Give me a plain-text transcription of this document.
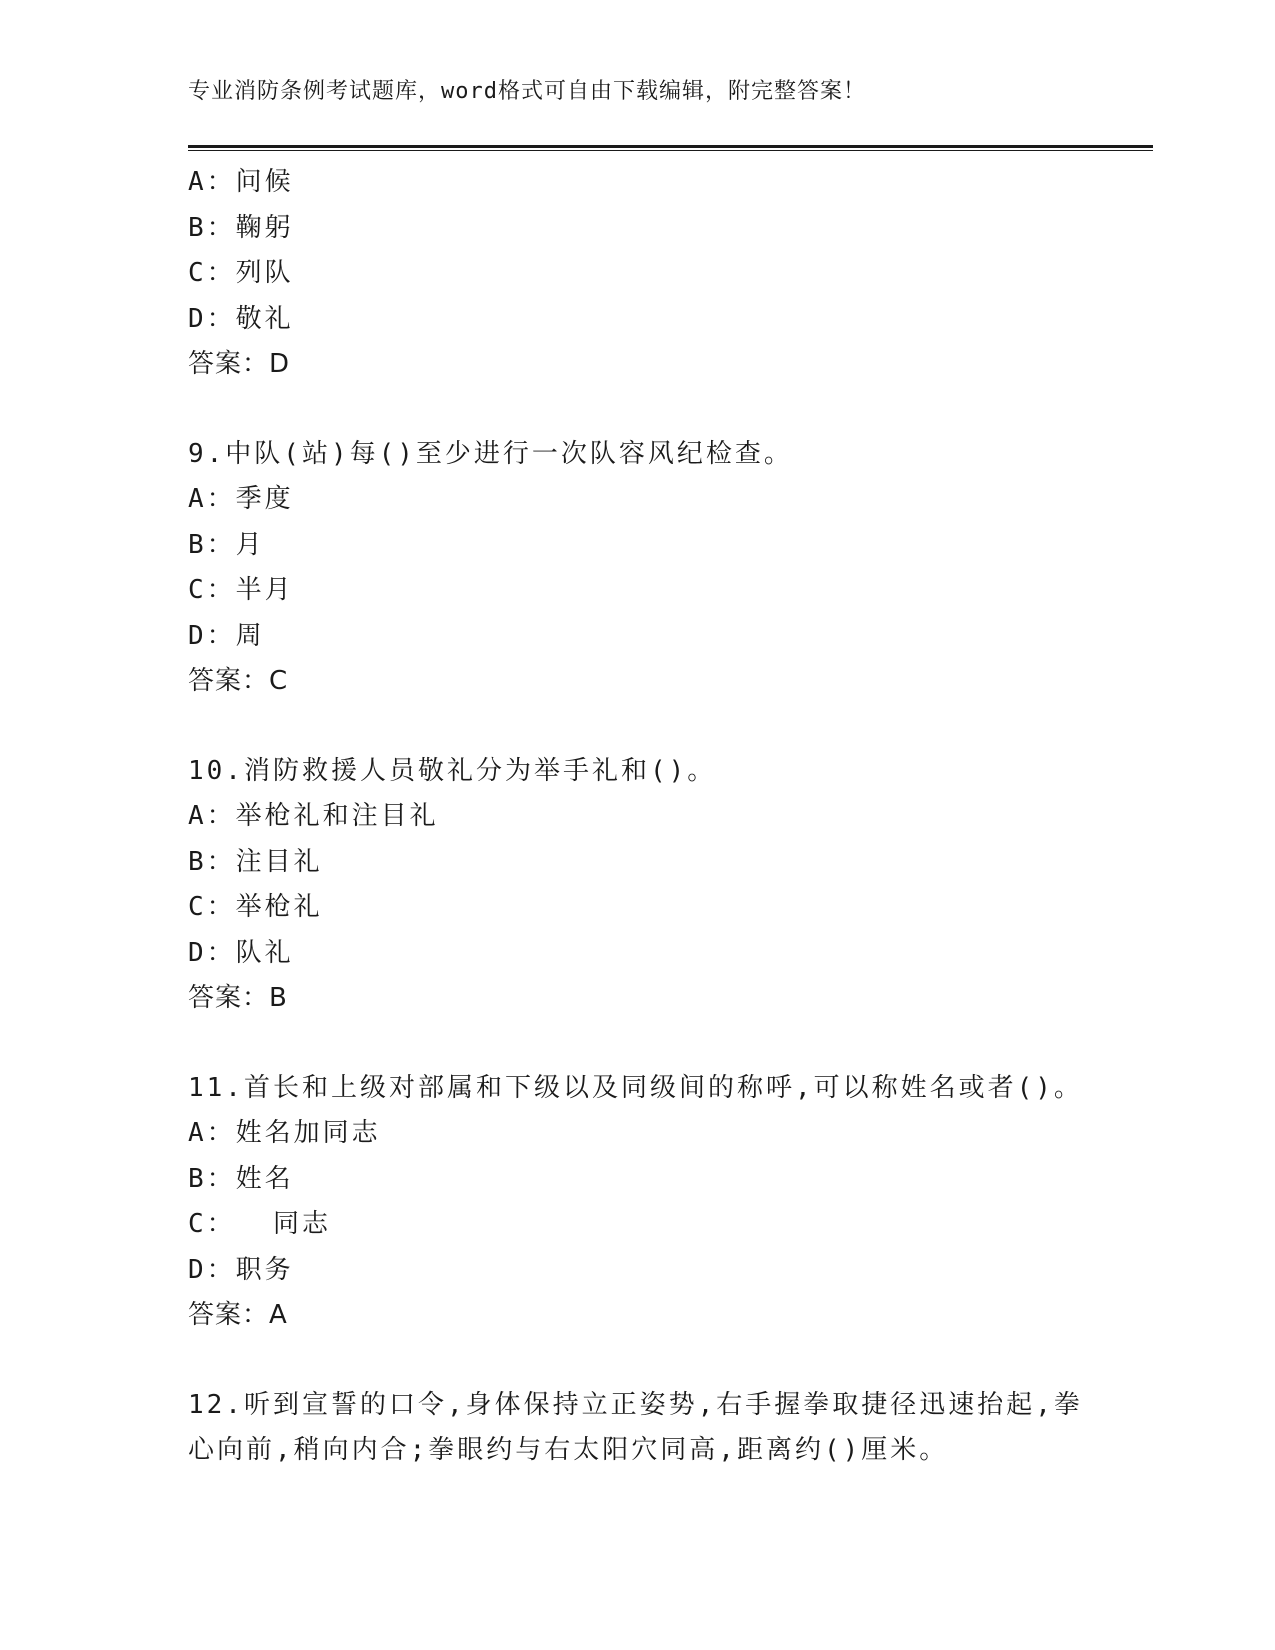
专业消防条例考试题库，word格式可自由下载编辑，附完整答案！
A：问候
B：鞠躬
C：列队
D：敬礼
答案：D
9.中队(站)每()至少进行一次队容风纪检查。
A：季度
B：月
C：半月
D：周
答案：C
10.消防救援人员敬礼分为举手礼和()。
A：举枪礼和注目礼
B：注目礼
C：举枪礼
D：队礼
答案：B
11.首长和上级对部属和下级以及同级间的称呼,可以称姓名或者()。
A：姓名加同志
B：姓名
C：  同志
D：职务
答案：A
12.听到宣誓的口令,身体保持立正姿势,右手握拳取捷径迅速抬起,拳
心向前,稍向内合;拳眼约与右太阳穴同高,距离约()厘米。
